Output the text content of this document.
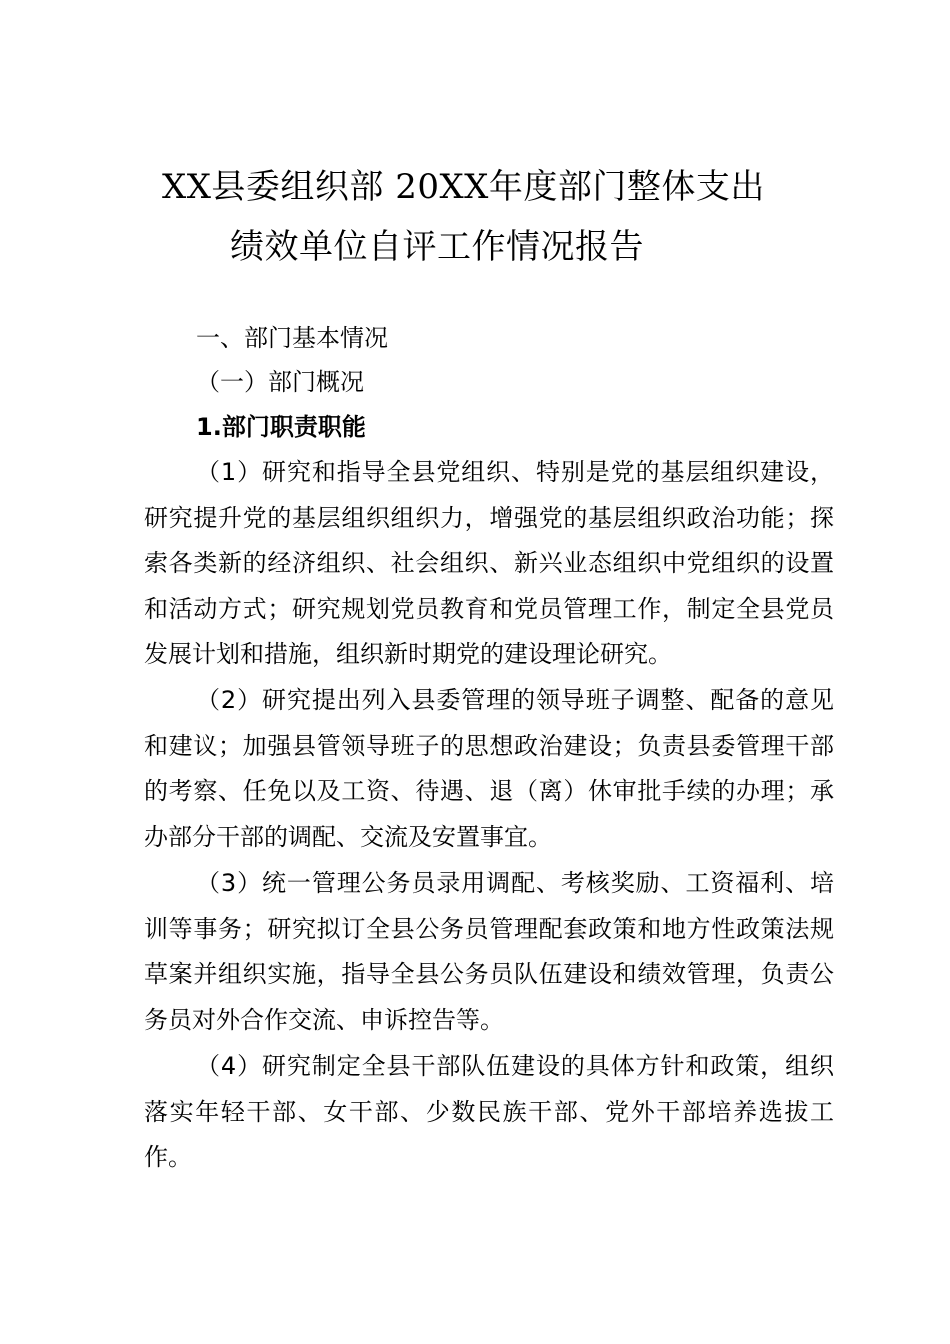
XX县委组织部 20XX年度部门整体支出
绩效单位自评工作情况报告
一、部门基本情况
（一）部门概况
1.部门职责职能
（1）研究和指导全县党组织、特别是党的基层组织建设，研究提升党的基层组织组织力，增强党的基层组织政治功能；探索各类新的经济组织、社会组织、新兴业态组织中党组织的设置和活动方式；研究规划党员教育和党员管理工作，制定全县党员发展计划和措施，组织新时期党的建设理论研究。
（2）研究提出列入县委管理的领导班子调整、配备的意见和建议；加强县管领导班子的思想政治建设；负责县委管理干部的考察、任免以及工资、待遇、退（离）休审批手续的办理；承办部分干部的调配、交流及安置事宜。
（3）统一管理公务员录用调配、考核奖励、工资福利、培训等事务；研究拟订全县公务员管理配套政策和地方性政策法规草案并组织实施，指导全县公务员队伍建设和绩效管理，负责公务员对外合作交流、申诉控告等。
（4）研究制定全县干部队伍建设的具体方针和政策，组织落实年轻干部、女干部、少数民族干部、党外干部培养选拔工作。
